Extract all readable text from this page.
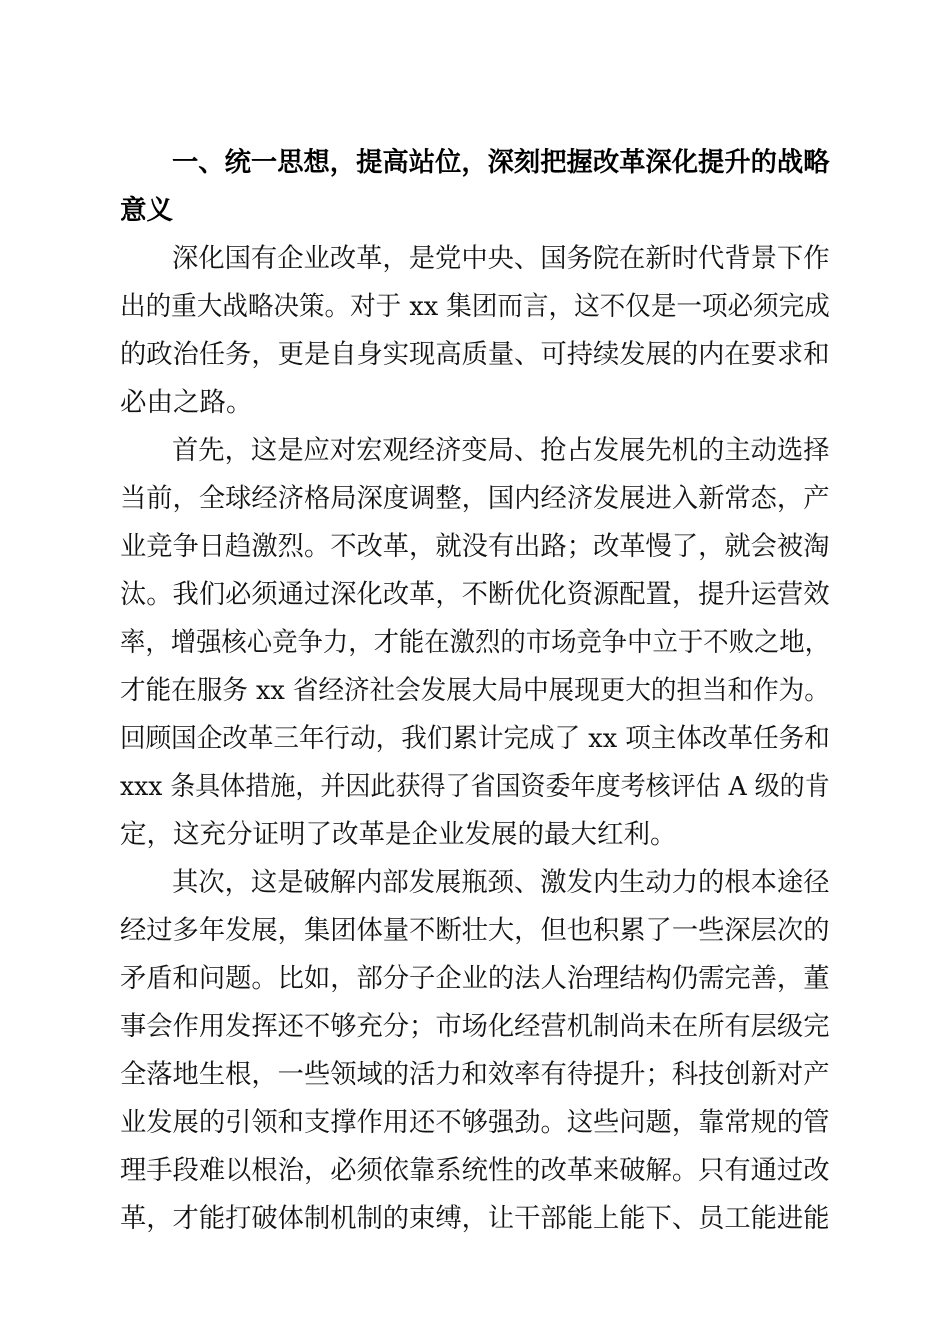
一、统一思想，提高站位，深刻把握改革深化提升的战略
意义
深化国有企业改革，是党中央、国务院在新时代背景下作
出的重大战略决策。对于 xx 集团而言，这不仅是一项必须完成
的政治任务，更是自身实现高质量、可持续发展的内在要求和
必由之路。
首先，这是应对宏观经济变局、抢占发展先机的主动选择
当前，全球经济格局深度调整，国内经济发展进入新常态，产
业竞争日趋激烈。不改革，就没有出路；改革慢了，就会被淘
汰。我们必须通过深化改革，不断优化资源配置，提升运营效
率，增强核心竞争力，才能在激烈的市场竞争中立于不败之地，
才能在服务 xx 省经济社会发展大局中展现更大的担当和作为。
回顾国企改革三年行动，我们累计完成了 xx 项主体改革任务和
xxx 条具体措施，并因此获得了省国资委年度考核评估 A 级的肯
定，这充分证明了改革是企业发展的最大红利。
其次，这是破解内部发展瓶颈、激发内生动力的根本途径
经过多年发展，集团体量不断壮大，但也积累了一些深层次的
矛盾和问题。比如，部分子企业的法人治理结构仍需完善，董
事会作用发挥还不够充分；市场化经营机制尚未在所有层级完
全落地生根，一些领域的活力和效率有待提升；科技创新对产
业发展的引领和支撑作用还不够强劲。这些问题，靠常规的管
理手段难以根治，必须依靠系统性的改革来破解。只有通过改
革，才能打破体制机制的束缚，让干部能上能下、员工能进能
